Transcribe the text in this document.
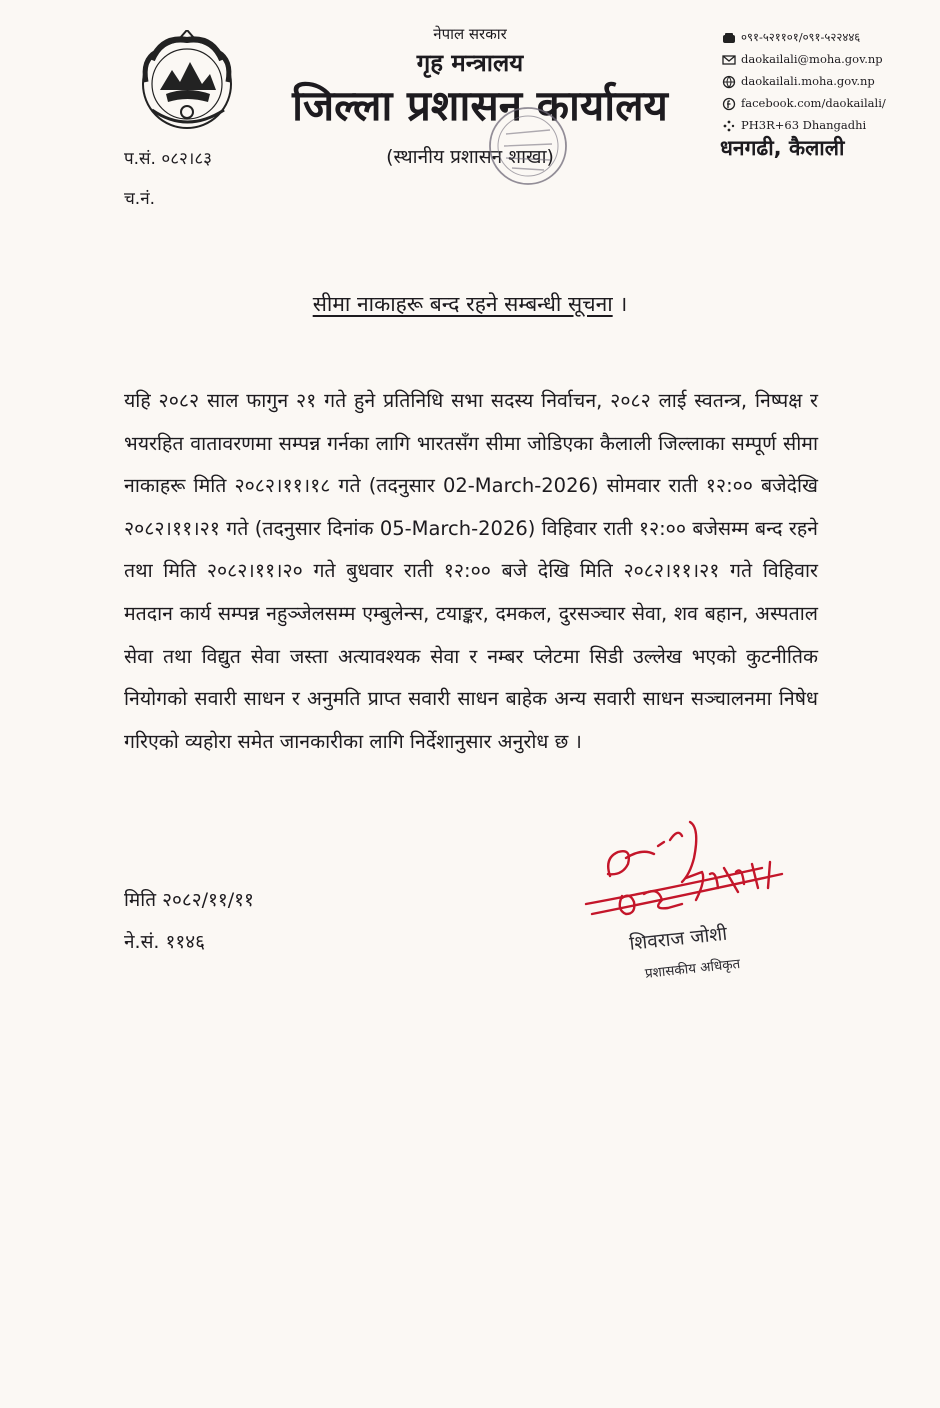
नेपाल सरकार
गृह मन्त्रालय
जिल्ला प्रशासन कार्यालय
(स्थानीय प्रशासन शाखा)
०९१-५२११०१/०९१-५२२४४६
daokailali@moha.gov.np
daokailali.moha.gov.np
facebook.com/daokailali/
PH3R+63 Dhangadhi
धनगढी, कैलाली
प.सं. ०८२।८३
च.नं.
सीमा नाकाहरू बन्द रहने सम्बन्धी सूचना ।
यहि २०८२ साल फागुन २१ गते हुने प्रतिनिधि सभा सदस्य निर्वाचन, २०८२ लाई स्वतन्त्र, निष्पक्ष र भयरहित वातावरणमा सम्पन्न गर्नका लागि भारतसँग सीमा जोडिएका कैलाली जिल्लाका सम्पूर्ण सीमा नाकाहरू मिति २०८२।११।१८ गते (तदनुसार 02-March-2026) सोमवार राती १२:०० बजेदेखि २०८२।११।२१ गते (तदनुसार दिनांक 05-March-2026) विहिवार राती १२:०० बजेसम्म बन्द रहने तथा मिति २०८२।११।२० गते बुधवार राती १२:०० बजे देखि मिति २०८२।११।२१ गते विहिवार मतदान कार्य सम्पन्न नहुञ्जेलसम्म एम्बुलेन्स, टयाङ्कर, दमकल, दुरसञ्चार सेवा, शव बहान, अस्पताल सेवा तथा विद्युत सेवा जस्ता अत्यावश्यक सेवा र नम्बर प्लेटमा सिडी उल्लेख भएको कुटनीतिक नियोगको सवारी साधन र अनुमति प्राप्त सवारी साधन बाहेक अन्य सवारी साधन सञ्चालनमा निषेध गरिएको व्यहोरा समेत जानकारीका लागि निर्देशानुसार अनुरोध छ ।
मिति २०८२/११/११
ने.सं. ११४६	शिवराज जोशी
प्रशासकीय अधिकृत
